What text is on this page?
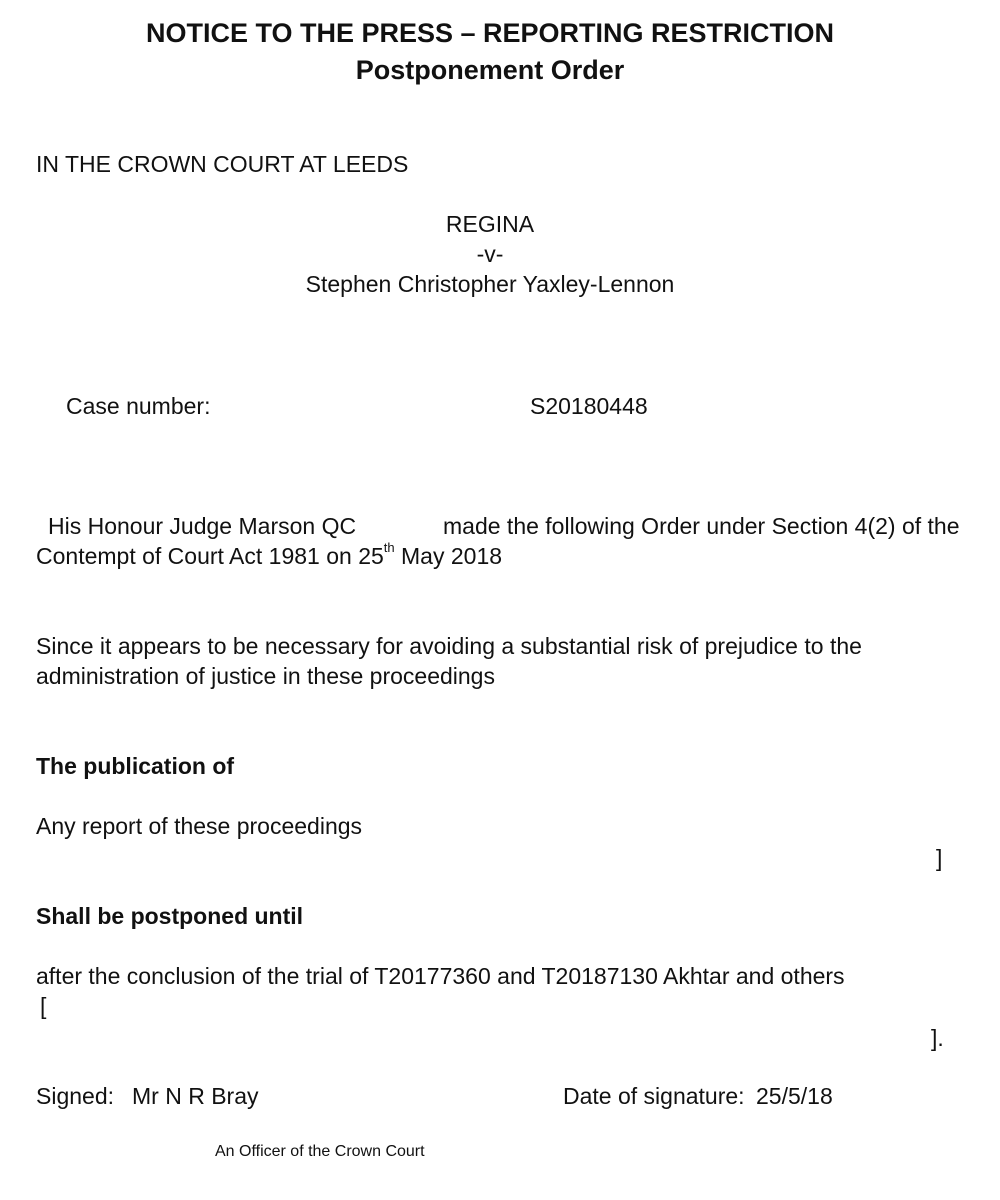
NOTICE TO THE PRESS – REPORTING RESTRICTION
Postponement Order
IN THE CROWN COURT AT LEEDS
REGINA
-v-
Stephen Christopher Yaxley-Lennon
Case number:	S20180448
His Honour Judge Marson QC	made the following Order under Section 4(2) of the
Contempt of Court Act 1981 on 25th May 2018
Since it appears to be necessary for avoiding a substantial risk of prejudice to the
administration of justice in these proceedings
The publication of
Any report of these proceedings
]
Shall be postponed until
after the conclusion of the trial of T20177360 and T20187130 Akhtar and others
[
].
Signed: Mr N R Bray	Date of signature: 25/5/18
An Officer of the Crown Court
